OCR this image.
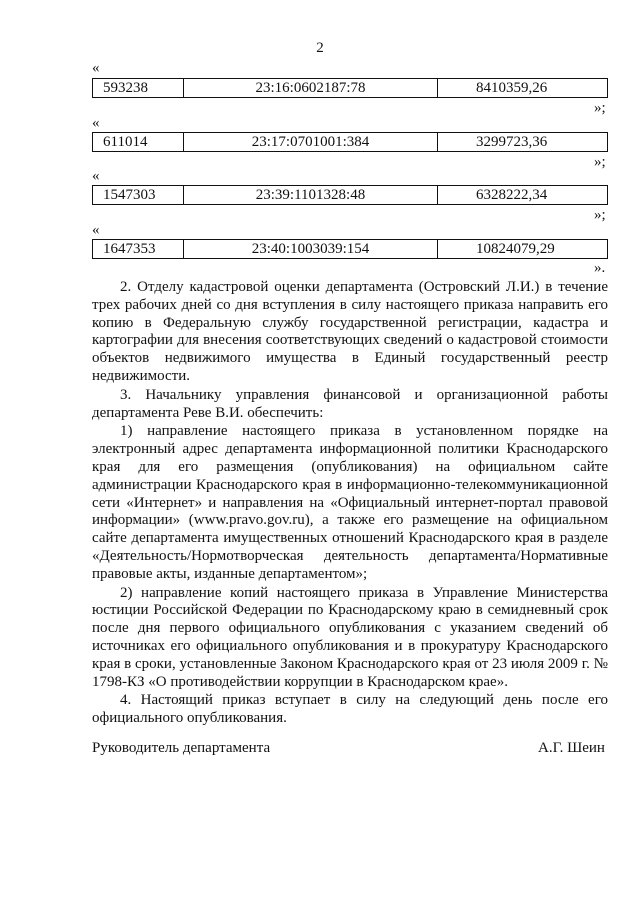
2
«
593238	23:16:0602187:78	8410359,26
»;
«
611014	23:17:0701001:384	3299723,36
»;
«
1547303	23:39:1101328:48	6328222,34
»;
«
1647353	23:40:1003039:154	10824079,29
».

2. Отделу кадастровой оценки департамента (Островский Л.И.) в течение трех рабочих дней со дня вступления в силу настоящего приказа направить его копию в Федеральную службу государственной регистрации, кадастра и картографии для внесения соответствующих сведений о кадастровой стоимости объектов недвижимого имущества в Единый государственный реестр недвижимости.

3. Начальнику управления финансовой и организационной работы департамента Реве В.И. обеспечить:

1) направление настоящего приказа в установленном порядке на электронный адрес департамента информационной политики Краснодарского края для его размещения (опубликования) на официальном сайте администрации Краснодарского края в информационно-телекоммуникационной сети «Интернет» и направления на «Официальный интернет-портал правовой информации» (www.pravo.gov.ru), а также его размещение на официальном сайте департамента имущественных отношений Краснодарского края в разделе «Деятельность/Нормотворческая деятельность департамента/Нормативные правовые акты, изданные департаментом»;

2) направление копий настоящего приказа в Управление Министерства юстиции Российской Федерации по Краснодарскому краю в семидневный срок после дня первого официального опубликования с указанием сведений об источниках его официального опубликования и в прокуратуру Краснодарского края в сроки, установленные Законом Краснодарского края от 23 июля 2009 г. № 1798-КЗ «О противодействии коррупции в Краснодарском крае».

4. Настоящий приказ вступает в силу на следующий день после его официального опубликования.

Руководитель департамента	А.Г. Шеин
